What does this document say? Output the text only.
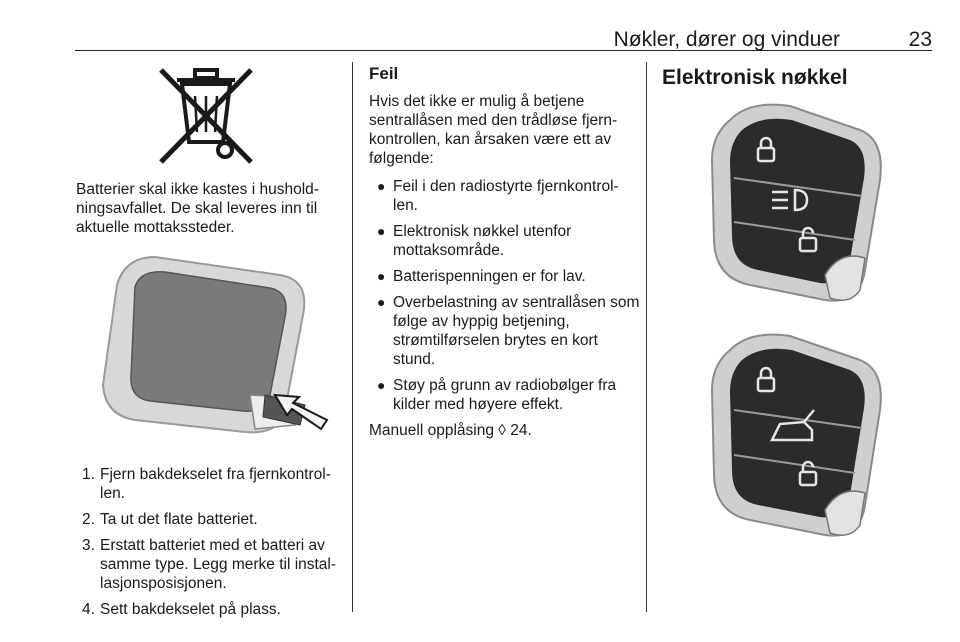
Nøkler, dører og vinduer	23
Batterier skal ikke kastes i hushold-ningsavfallet. De skal leveres inn til aktuelle mottakssteder.
1. Fjern bakdekselet fra fjernkontrol-len.
2. Ta ut det flate batteriet.
3. Erstatt batteriet med et batteri av samme type. Legg merke til instal-lasjonsposisjonen.
4. Sett bakdekselet på plass.
Feil
Hvis det ikke er mulig å betjene sentrallåsen med den trådløse fjern-kontrollen, kan årsaken være ett av følgende:
● Feil i den radiostyrte fjernkontrol-len.
● Elektronisk nøkkel utenfor mottaksområde.
● Batterispenningen er for lav.
● Overbelastning av sentrallåsen som følge av hyppig betjening, strømtilførselen brytes en kort stund.
● Støy på grunn av radiobølger fra kilder med høyere effekt.
Manuell opplåsing ◊ 24.
Elektronisk nøkkel
